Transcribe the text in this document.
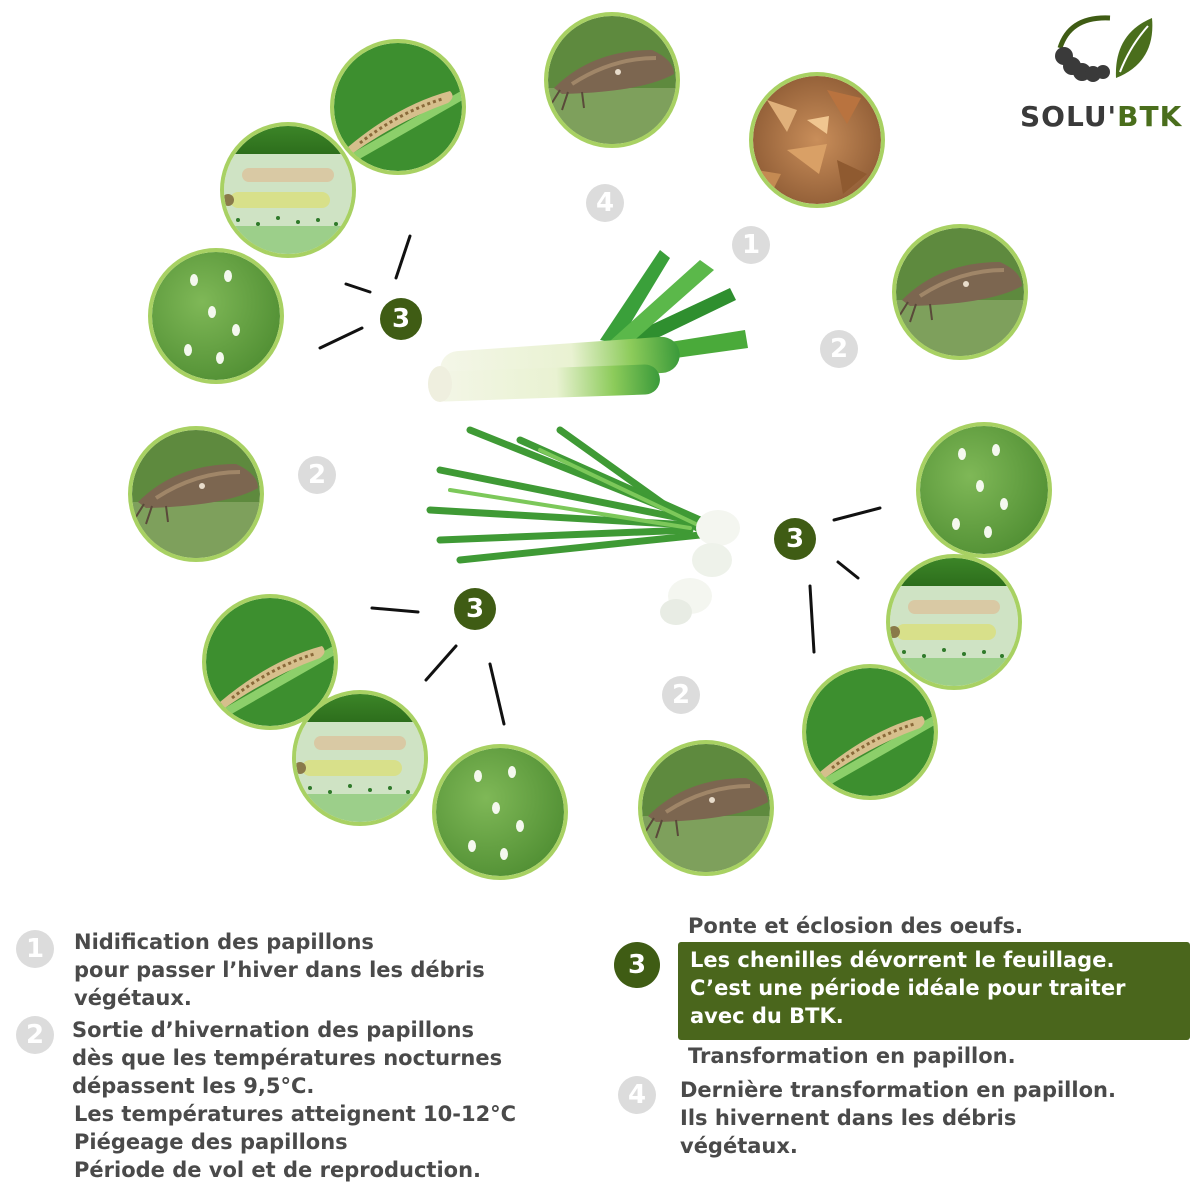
SOLU'BTK
4
1
2
2
2
3
3
3
1	Nidification des papillons
pour passer l’hiver dans les débris
végétaux.
2	Sortie d’hivernation des papillons
dès que les températures nocturnes
dépassent les 9,5°C.
Les températures atteignent 10-12°C
Piégeage des papillons
Période de vol et de reproduction.
Ponte et éclosion des oeufs.
3	Les chenilles dévorrent le feuillage.
C’est une période idéale pour traiter
avec du BTK.
Transformation en papillon.
4	Dernière transformation en papillon.
Ils hivernent dans les débris
végétaux.
